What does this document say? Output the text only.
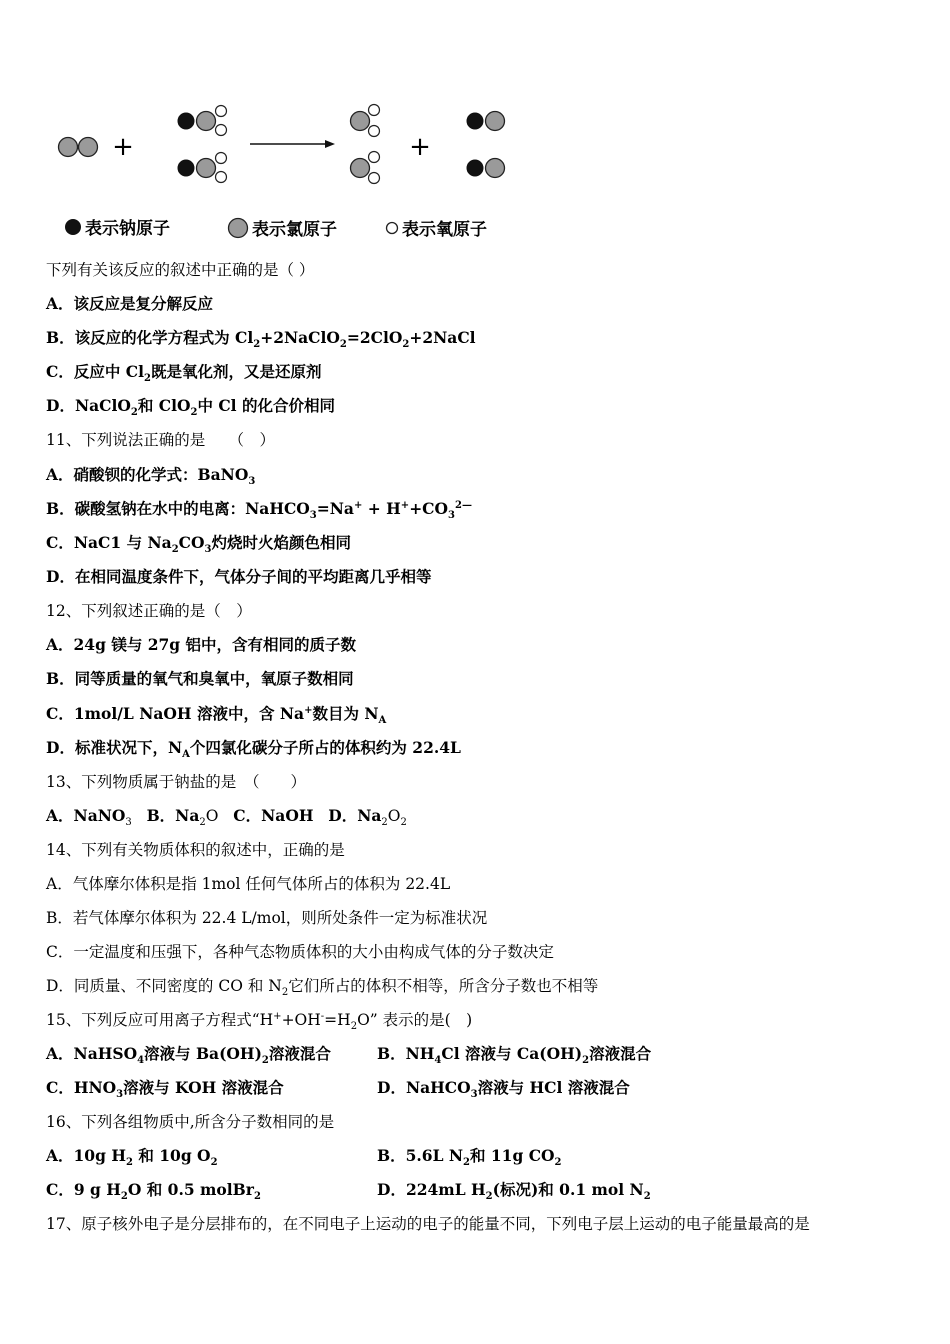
+	+
表示钠原子	表示氯原子	表示氧原子
下列有关该反应的叙述中正确的是（ ）
A．该反应是复分解反应
B．该反应的化学方程式为 $Cl_2+2NaClO_2=2ClO_2+2NaCl$
C．反应中 $Cl_2$既是氧化剂，又是还原剂
D．NaClO$_2$和 ClO$_2$中 Cl 的化合价相同
11、下列说法正确的是　　（　）
A．硝酸钡的化学式：BaNO$_3$
B．碳酸氢钠在水中的电离：NaHCO$_3$=Na+ + $H^++CO_3^{2—}$
C．NaC1 与 $Na_2CO_3$灼烧时火焰颜色相同
D．在相同温度条件下，气体分子间的平均距离几乎相等
12、下列叙述正确的是（　）
A．24g 镁与 27g 铝中，含有相同的质子数
B．同等质量的氧气和臭氧中，氧原子数相同
C．1mol/L NaOH 溶液中，含 Na+数目为 $N_A$
D．标准状况下，$N_A$个四氯化碳分子所占的体积约为 22.4L
13、下列物质属于钠盐的是　（　　）
A．NaNO$_3$ B．$Na_2O$ C．NaOH D．$Na_2O_2$
14、下列有关物质体积的叙述中，正确的是
A．气体摩尔体积是指 1mol 任何气体所占的体积为 22.4L
B．若气体摩尔体积为 22.4 L/mol，则所处条件一定为标准状况
C．一定温度和压强下，各种气态物质体积的大小由构成气体的分子数决定
D．同质量、不同密度的 CO 和 $N_2$它们所占的体积不相等，所含分子数也不相等
15、下列反应可用离子方程式“$H^++OH^-=H_2O$” 表示的是(　)
A．NaHSO$_4$溶液与 $Ba(OH)_2$溶液混合	B．$NH_4Cl$ 溶液与 $Ca(OH)_2$溶液混合
C．$HNO_3$溶液与 KOH 溶液混合	D．NaHCO$_3$溶液与 HCl 溶液混合
16、下列各组物质中,所含分子数相同的是
A．10g $H_2$ 和 10g $O_2$	B．5.6L $N_2$和 11g $CO_2$
C．9 g $H_2O$ 和 0.5 molBr$_2$	D．224mL $H_2$(标况)和 0.1 mol $N_2$
17、原子核外电子是分层排布的，在不同电子上运动的电子的能量不同，下列电子层上运动的电子能量最高的是
